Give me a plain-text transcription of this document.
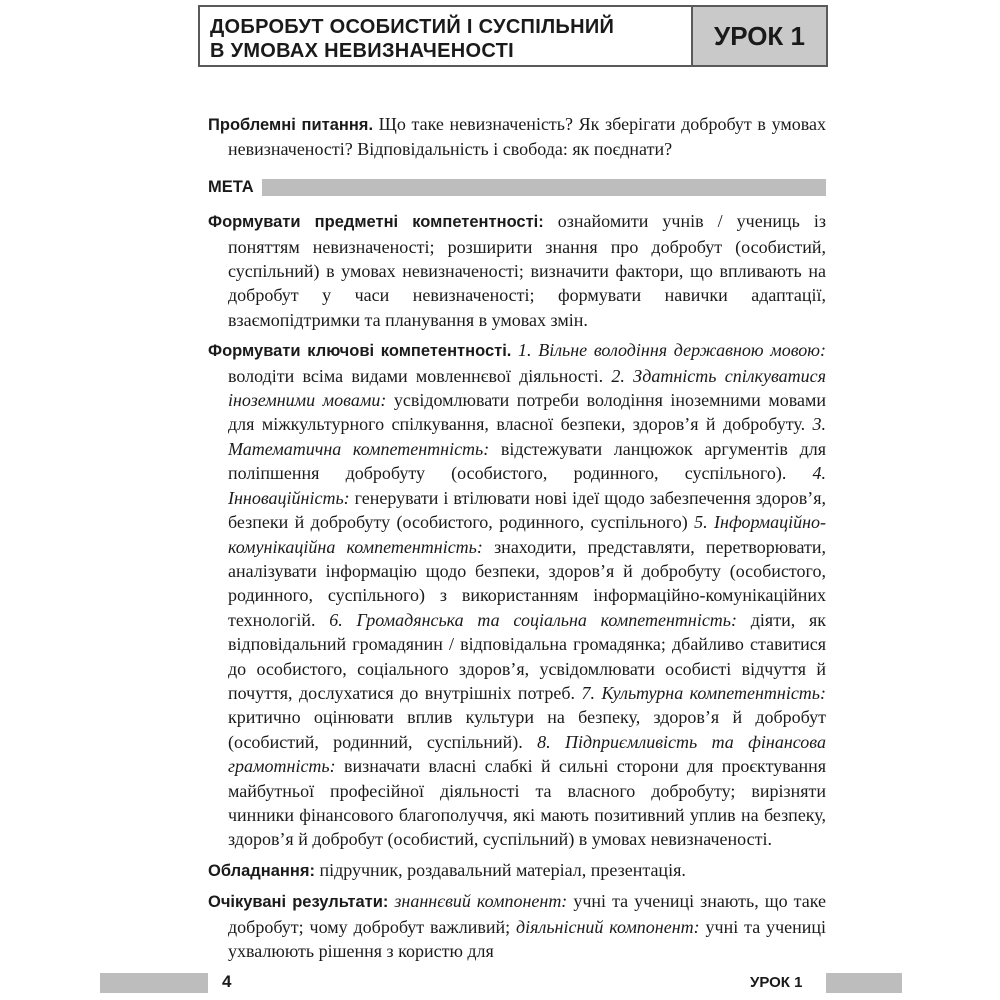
ДОБРОБУТ ОСОБИСТИЙ І СУСПІЛЬНИЙ
В УМОВАХ НЕВИЗНАЧЕНОСТІ
УРОК 1

Проблемні питання. Що таке невизначеність? Як зберігати добробут в умовах невизначеності? Відповідальність і свобода: як поєднати?

МЕТА

Формувати предметні компетентності: ознайомити учнів / учениць із поняттям невизначеності; розширити знання про добробут (особистий, суспільний) в умовах невизначеності; визначити фактори, що впливають на добробут у часи невизначеності; формувати навички адаптації, взаємопідтримки та планування в умовах змін.

Формувати ключові компетентності. 1. Вільне володіння державною мовою: володіти всіма видами мовленнєвої діяльності. 2. Здатність спілкуватися іноземними мовами: усвідомлювати потреби володіння іноземними мовами для міжкультурного спілкування, власної безпеки, здоров’я й добробуту. 3. Математична компетентність: відстежувати ланцюжок аргументів для поліпшення добробуту (особистого, родинного, суспільного). 4. Інноваційність: генерувати і втілювати нові ідеї щодо забезпечення здоров’я, безпеки й добробуту (особистого, родинного, суспільного) 5. Інформаційно-комунікаційна компетентність: знаходити, представляти, перетворювати, аналізувати інформацію щодо безпеки, здоров’я й добробуту (особистого, родинного, суспільного) з використанням інформаційно-комунікаційних технологій. 6. Громадянська та соціальна компетентність: діяти, як відповідальний громадянин / відповідальна громадянка; дбайливо ставитися до особистого, соціального здоров’я, усвідомлювати особисті відчуття й почуття, дослухатися до внутрішніх потреб. 7. Культурна компетентність: критично оцінювати вплив культури на безпеку, здоров’я й добробут (особистий, родинний, суспільний). 8. Підприємливість та фінансова грамотність: визначати власні слабкі й сильні сторони для проєктування майбутньої професійної діяльності та власного добробуту; вирізняти чинники фінансового благополуччя, які мають позитивний уплив на безпеку, здоров’я й добробут (особистий, суспільний) в умовах невизначеності.

Обладнання: підручник, роздавальний матеріал, презентація.

Очікувані результати: знаннєвий компонент: учні та учениці знають, що таке добробут; чому добробут важливий; діяльнісний компонент: учні та учениці ухвалюють рішення з користю для

4	УРОК 1
